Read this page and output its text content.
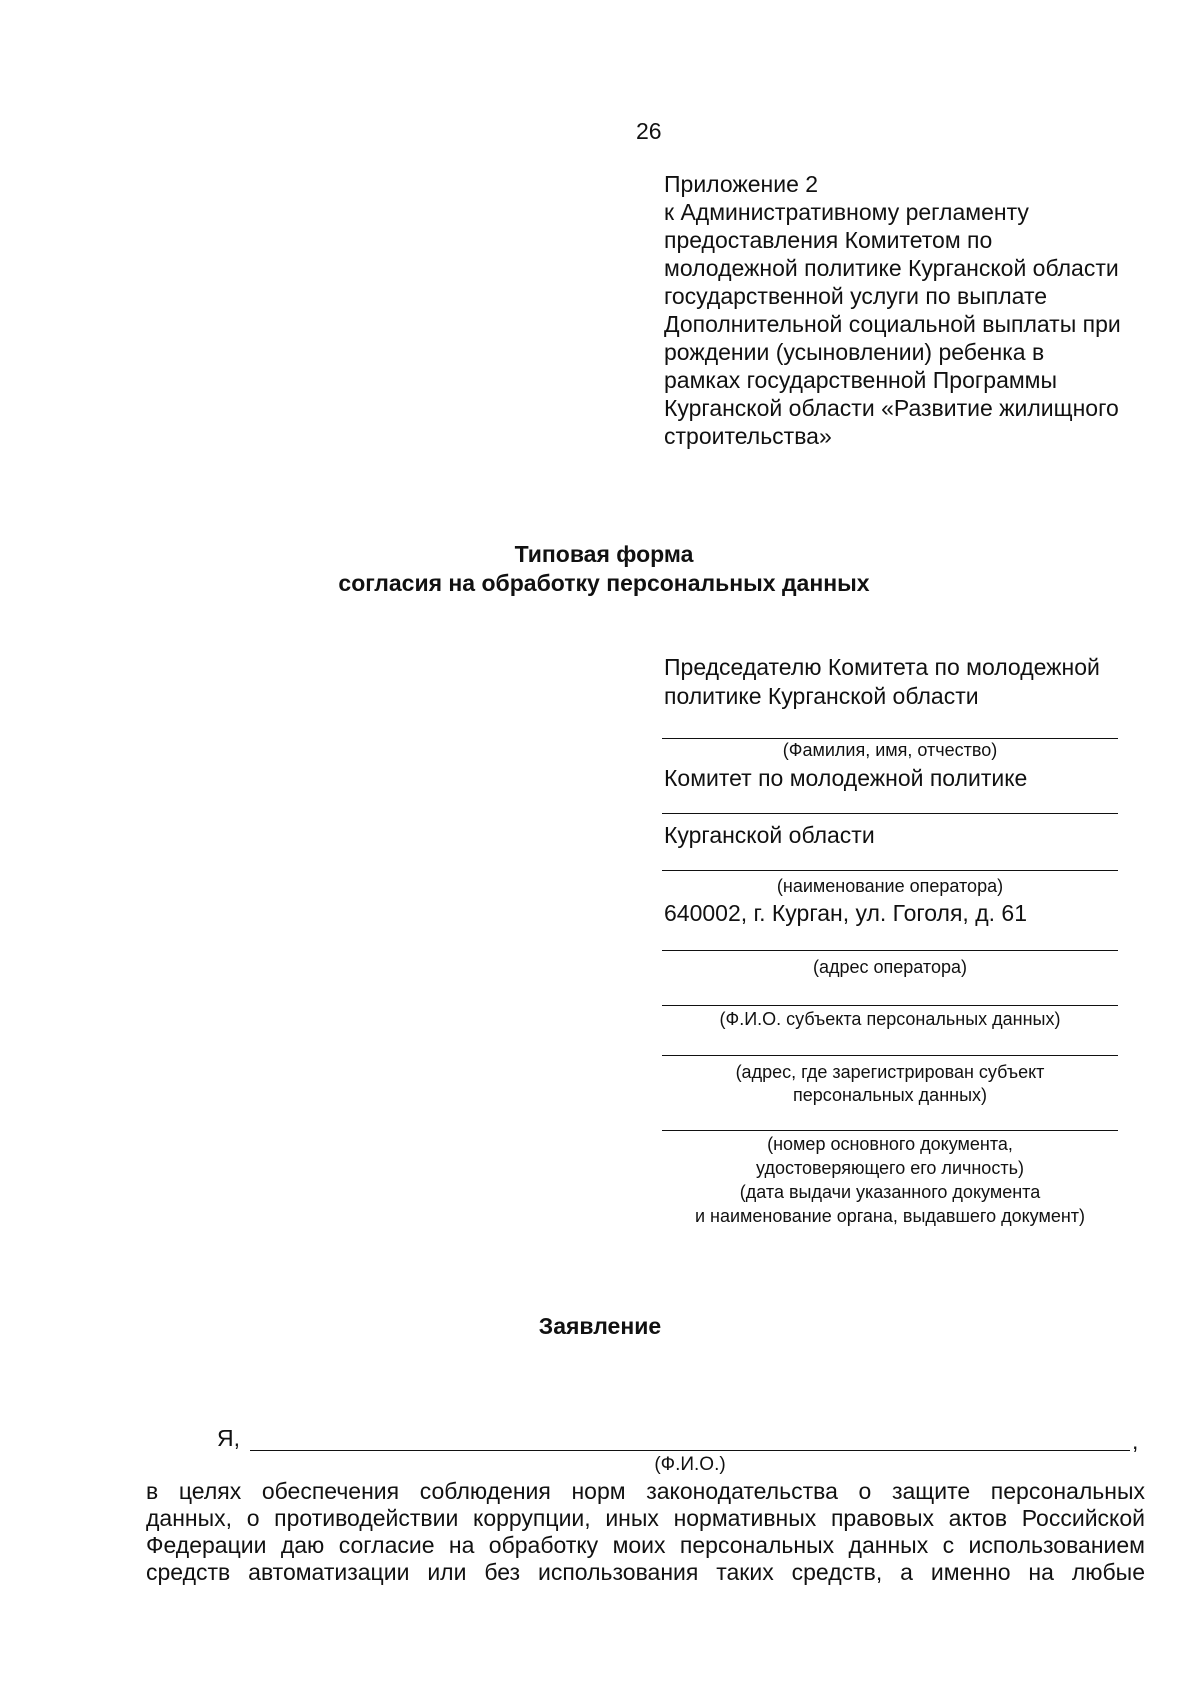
26
Приложение 2
к Административному регламенту
предоставления Комитетом по
молодежной политике Курганской области
государственной услуги по выплате
Дополнительной социальной выплаты при
рождении (усыновлении) ребенка в
рамках государственной Программы
Курганской области «Развитие жилищного
строительства»
Типовая форма
согласия на обработку персональных данных
Председателю Комитета по молодежной
политике Курганской области
(Фамилия, имя, отчество)
Комитет по молодежной политике
Курганской области
(наименование оператора)
640002, г. Курган, ул. Гоголя, д. 61
(адрес оператора)
(Ф.И.О. субъекта персональных данных)
(адрес, где зарегистрирован субъект
персональных данных)
(номер основного документа,
удостоверяющего его личность)
(дата выдачи указанного документа
и наименование органа, выдавшего документ)
Заявление
Я,	,
(Ф.И.О.)
в целях обеспечения соблюдения норм законодательства о защите персональных
данных, о противодействии коррупции, иных нормативных правовых актов Российской
Федерации даю согласие на обработку моих персональных данных с использованием
средств автоматизации или без использования таких средств, а именно на любые
